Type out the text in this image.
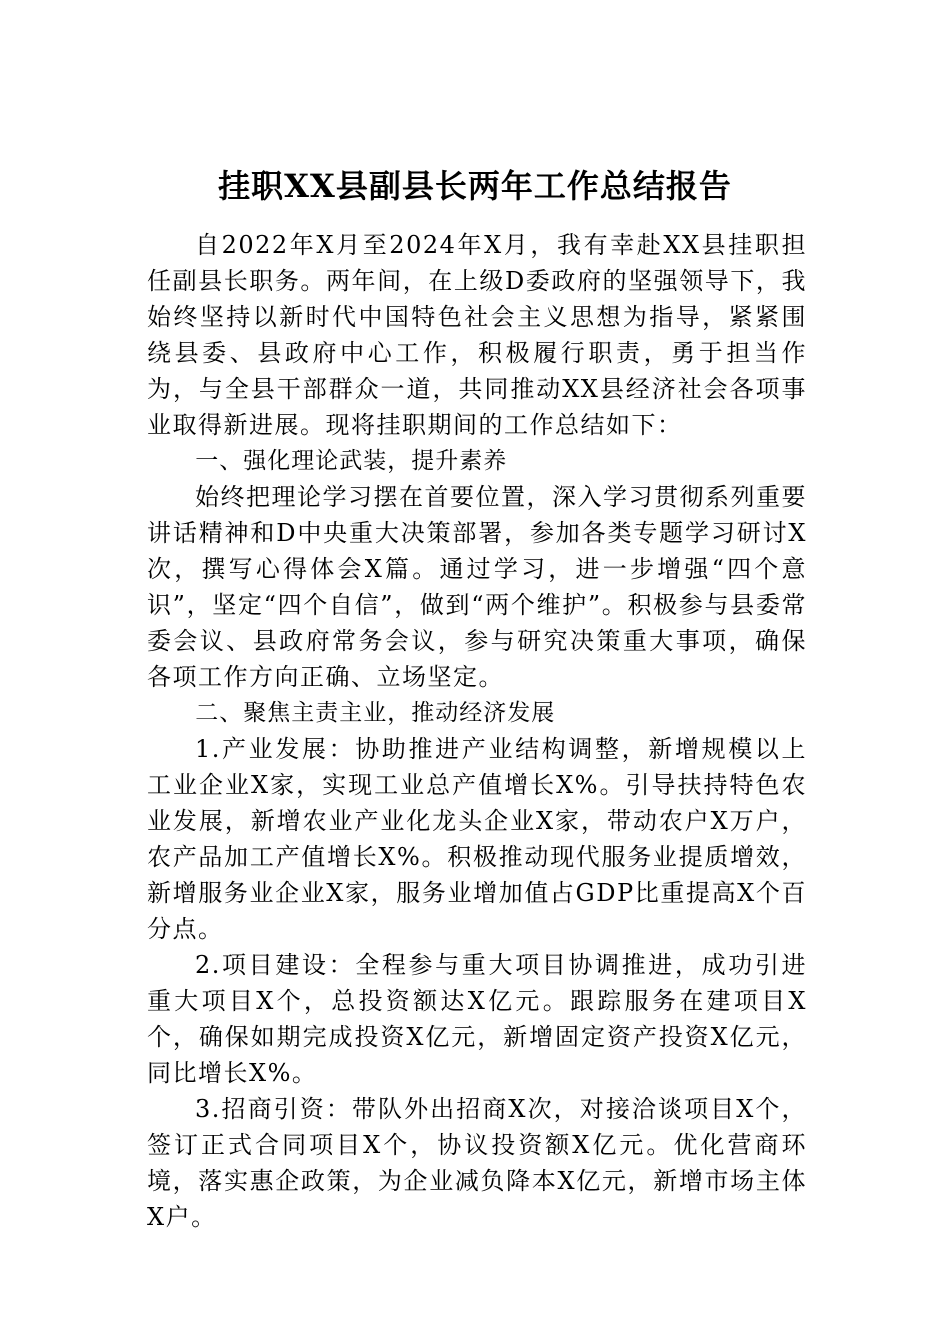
挂职XX县副县长两年工作总结报告

自2022年X月至2024年X月，我有幸赴XX县挂职担任副县长职务。两年间，在上级D委政府的坚强领导下，我始终坚持以新时代中国特色社会主义思想为指导，紧紧围绕县委、县政府中心工作，积极履行职责，勇于担当作为，与全县干部群众一道，共同推动XX县经济社会各项事业取得新进展。现将挂职期间的工作总结如下：

一、强化理论武装，提升素养

始终把理论学习摆在首要位置，深入学习贯彻系列重要讲话精神和D中央重大决策部署，参加各类专题学习研讨X次，撰写心得体会X篇。通过学习，进一步增强“四个意识”，坚定“四个自信”，做到“两个维护”。积极参与县委常委会议、县政府常务会议，参与研究决策重大事项，确保各项工作方向正确、立场坚定。

二、聚焦主责主业，推动经济发展

1.产业发展：协助推进产业结构调整，新增规模以上工业企业X家，实现工业总产值增长X%。引导扶持特色农业发展，新增农业产业化龙头企业X家，带动农户X万户，农产品加工产值增长X%。积极推动现代服务业提质增效，新增服务业企业X家，服务业增加值占GDP比重提高X个百分点。

2.项目建设：全程参与重大项目协调推进，成功引进重大项目X个，总投资额达X亿元。跟踪服务在建项目X个，确保如期完成投资X亿元，新增固定资产投资X亿元，同比增长X%。

3.招商引资：带队外出招商X次，对接洽谈项目X个，签订正式合同项目X个，协议投资额X亿元。优化营商环境，落实惠企政策，为企业减负降本X亿元，新增市场主体X户。
